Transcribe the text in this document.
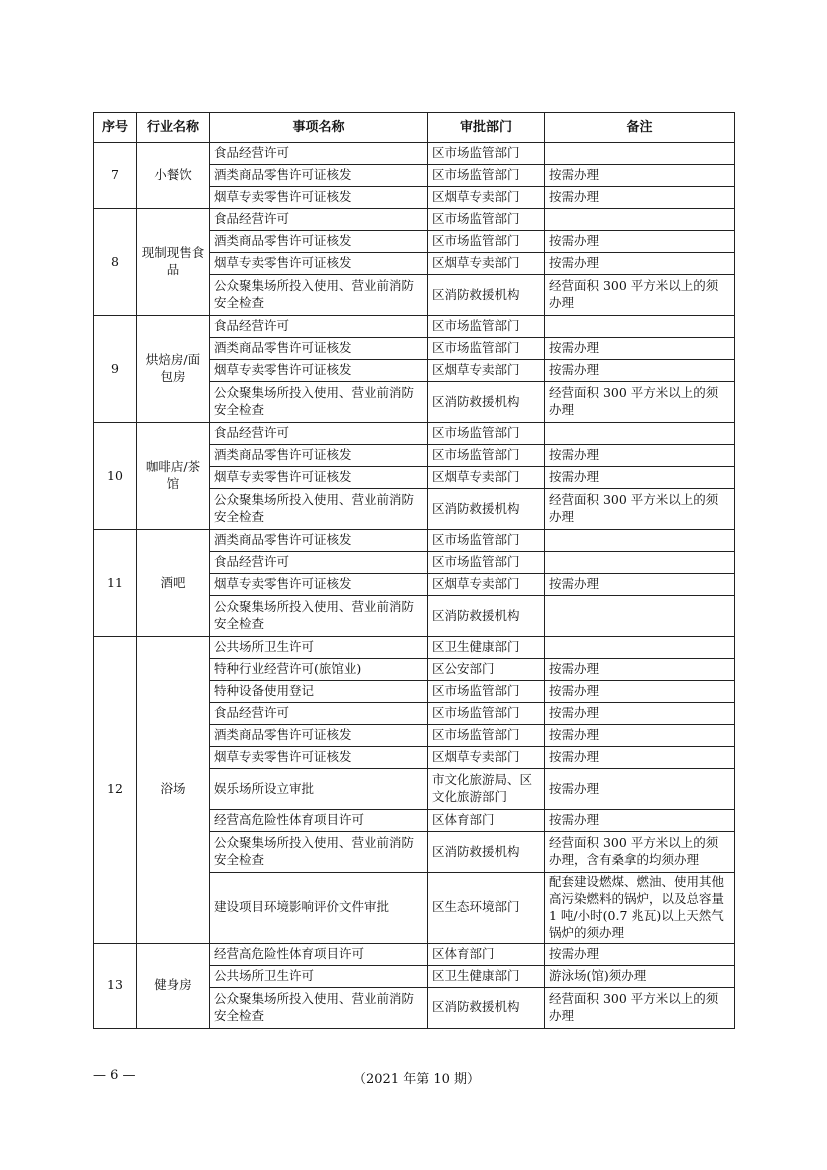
序号	行业名称	事项名称	审批部门	备注
7	小餐饮	食品经营许可	区市场监管部门	
		酒类商品零售许可证核发	区市场监管部门	按需办理
		烟草专卖零售许可证核发	区烟草专卖部门	按需办理
8	现制现售食品	食品经营许可	区市场监管部门	
		酒类商品零售许可证核发	区市场监管部门	按需办理
		烟草专卖零售许可证核发	区烟草专卖部门	按需办理
		公众聚集场所投入使用、营业前消防安全检查	区消防救援机构	经营面积 300 平方米以上的须办理
9	烘焙房/面包房	食品经营许可	区市场监管部门	
		酒类商品零售许可证核发	区市场监管部门	按需办理
		烟草专卖零售许可证核发	区烟草专卖部门	按需办理
		公众聚集场所投入使用、营业前消防安全检查	区消防救援机构	经营面积 300 平方米以上的须办理
10	咖啡店/茶馆	食品经营许可	区市场监管部门	
		酒类商品零售许可证核发	区市场监管部门	按需办理
		烟草专卖零售许可证核发	区烟草专卖部门	按需办理
		公众聚集场所投入使用、营业前消防安全检查	区消防救援机构	经营面积 300 平方米以上的须办理
11	酒吧	酒类商品零售许可证核发	区市场监管部门	
		食品经营许可	区市场监管部门	
		烟草专卖零售许可证核发	区烟草专卖部门	按需办理
		公众聚集场所投入使用、营业前消防安全检查	区消防救援机构	
12	浴场	公共场所卫生许可	区卫生健康部门	
		特种行业经营许可(旅馆业)	区公安部门	按需办理
		特种设备使用登记	区市场监管部门	按需办理
		食品经营许可	区市场监管部门	按需办理
		酒类商品零售许可证核发	区市场监管部门	按需办理
		烟草专卖零售许可证核发	区烟草专卖部门	按需办理
		娱乐场所设立审批	市文化旅游局、区文化旅游部门	按需办理
		经营高危险性体育项目许可	区体育部门	按需办理
		公众聚集场所投入使用、营业前消防安全检查	区消防救援机构	经营面积 300 平方米以上的须办理，含有桑拿的均须办理
		建设项目环境影响评价文件审批	区生态环境部门	配套建设燃煤、燃油、使用其他高污染燃料的锅炉，以及总容量 1 吨/小时(0.7 兆瓦)以上天然气锅炉的须办理
13	健身房	经营高危险性体育项目许可	区体育部门	按需办理
		公共场所卫生许可	区卫生健康部门	游泳场(馆)须办理
		公众聚集场所投入使用、营业前消防安全检查	区消防救援机构	经营面积 300 平方米以上的须办理
— 6 —	（2021 年第 10 期）
